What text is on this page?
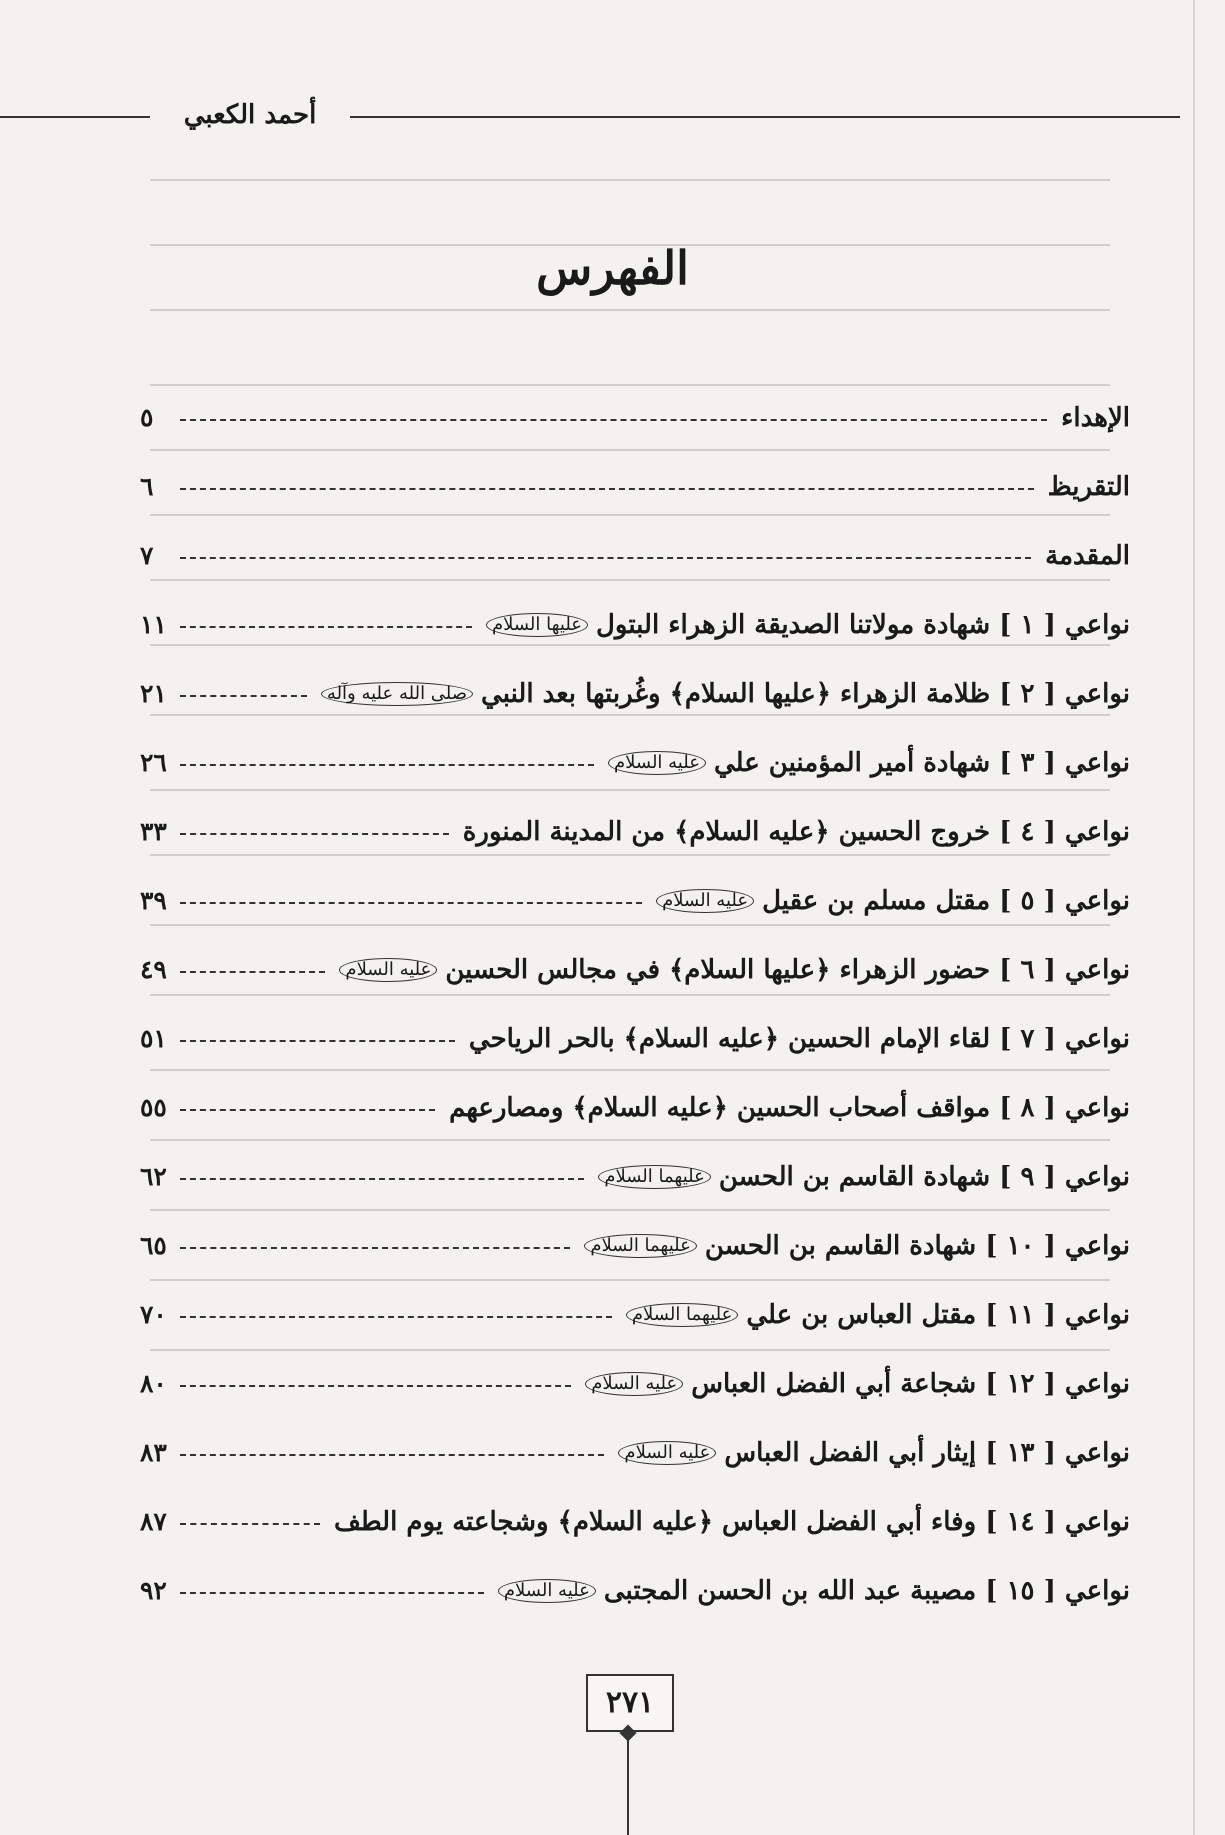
أحمد الكعبي
الفهرس
الإهداء
٥
التقريظ
٦
المقدمة
٧
نواعي [ ١ ] شهادة مولاتنا الصديقة الزهراء البتول
عليها السلام
١١
نواعي [ ٢ ] ظلامة الزهراء ﴿عليها السلام﴾ وغُربتها بعد النبي
صلى الله عليه وآله
٢١
نواعي [ ٣ ] شهادة أمير المؤمنين علي
عليه السلام
٢٦
نواعي [ ٤ ] خروج الحسين ﴿عليه السلام﴾ من المدينة المنورة
٣٣
نواعي [ ٥ ] مقتل مسلم بن عقيل
عليه السلام
٣٩
نواعي [ ٦ ] حضور الزهراء ﴿عليها السلام﴾ في مجالس الحسين
عليه السلام
٤٩
نواعي [ ٧ ] لقاء الإمام الحسين ﴿عليه السلام﴾ بالحر الرياحي
٥١
نواعي [ ٨ ] مواقف أصحاب الحسين ﴿عليه السلام﴾ ومصارعهم
٥٥
نواعي [ ٩ ] شهادة القاسم بن الحسن
عليهما السلام
٦٢
نواعي [ ١٠ ] شهادة القاسم بن الحسن
عليهما السلام
٦٥
نواعي [ ١١ ] مقتل العباس بن علي
عليهما السلام
٧٠
نواعي [ ١٢ ] شجاعة أبي الفضل العباس
عليه السلام
٨٠
نواعي [ ١٣ ] إيثار أبي الفضل العباس
عليه السلام
٨٣
نواعي [ ١٤ ] وفاء أبي الفضل العباس ﴿عليه السلام﴾ وشجاعته يوم الطف
٨٧
نواعي [ ١٥ ] مصيبة عبد الله بن الحسن المجتبى
عليه السلام
٩٢
٢٧١
